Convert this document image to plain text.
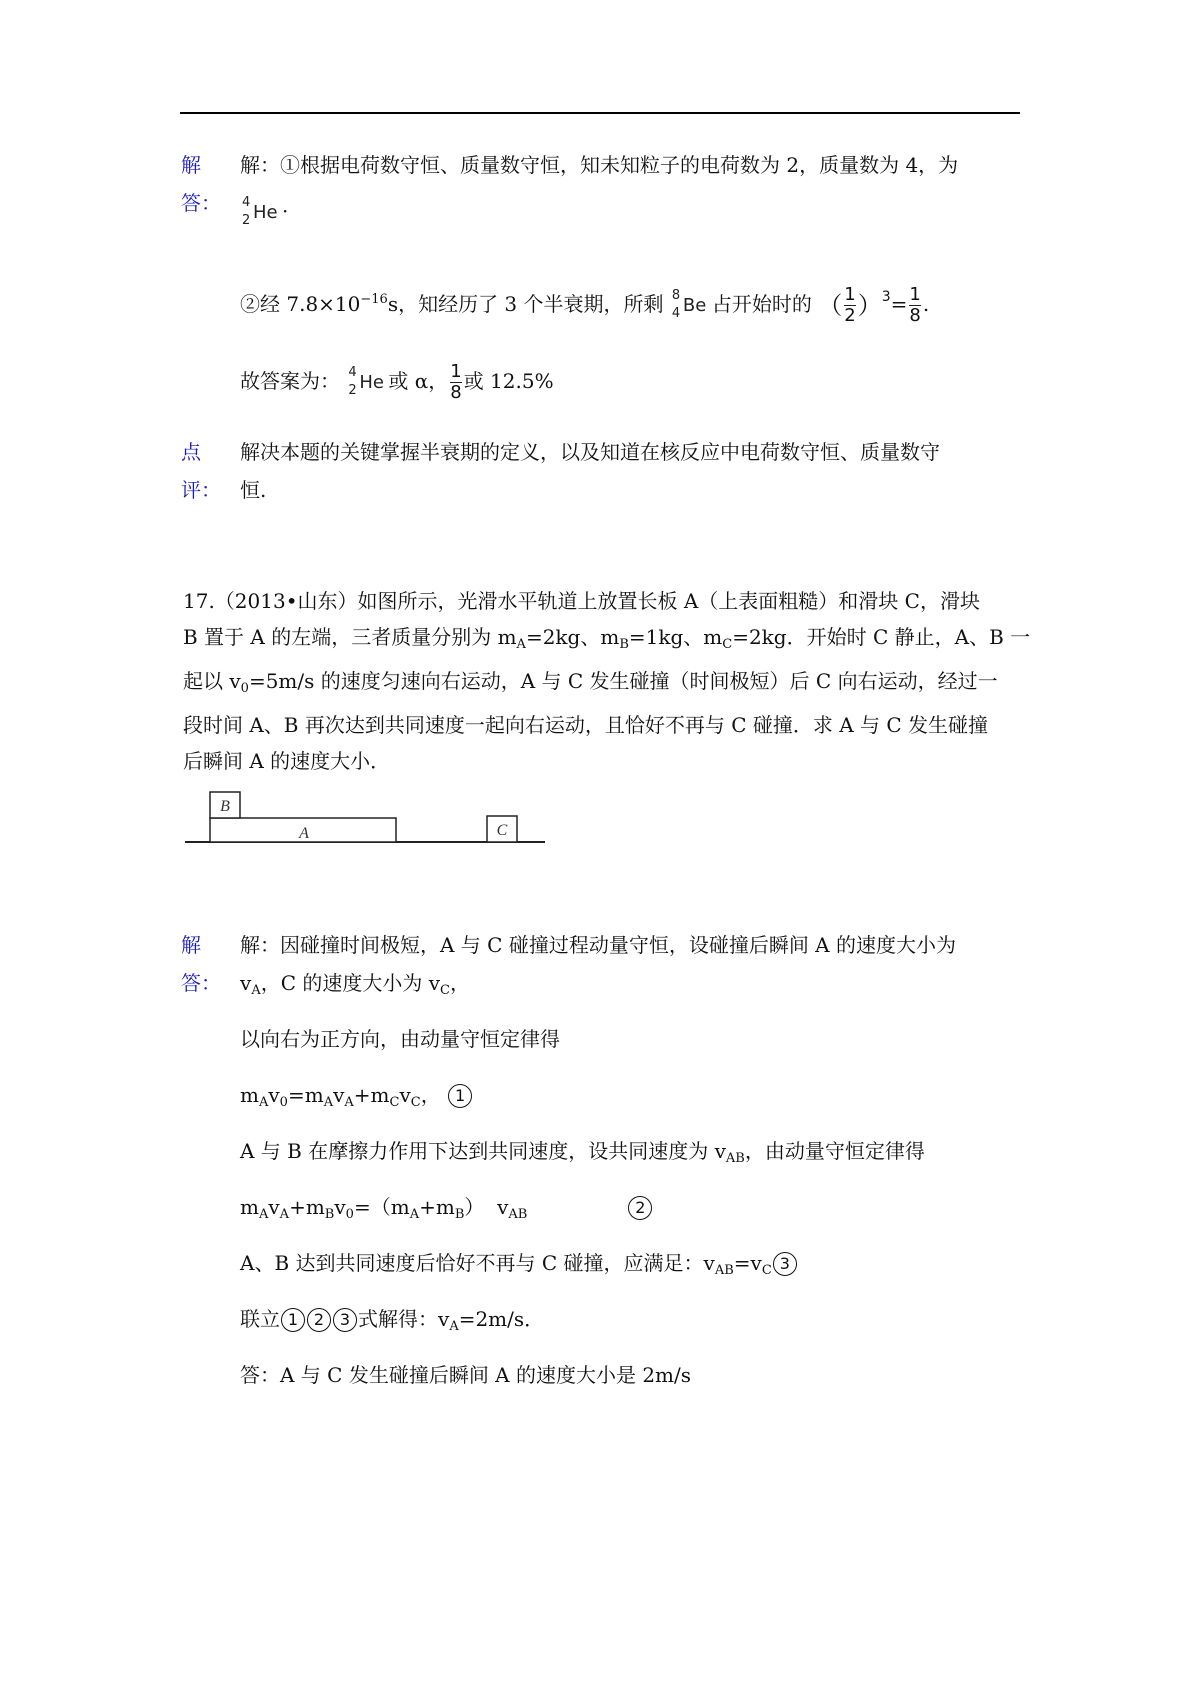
解
答：
解：①根据电荷数守恒、质量数守恒，知未知粒子的电荷数为 2，质量数为 4，为
4
2 He ·
②经 $7.8\times 10^{-16}s$，知经历了 3 个半衰期，所剩 8
4 Be 占开始时的 （ $\frac{1}{2} )^3= \frac{1}{8}$ .
故答案为： 4
2 He 或 α， $\frac{1}{8}$ 或 12.5%
点
评：
解决本题的关键掌握半衰期的定义，以及知道在核反应中电荷数守恒、质量数守
恒.
17.（2013•山东）如图所示，光滑水平轨道上放置长板 A（上表面粗糙）和滑块 C，滑块
B 置于 A 的左端，三者质量分别为 $m_A=2kg$、$m_B=1kg$、$m_C=2kg$．开始时 C 静止，A、B 一
起以 $v_0=5m/s$ 的速度匀速向右运动，A 与 C 发生碰撞（时间极短）后 C 向右运动，经过一
段时间 A、B 再次达到共同速度一起向右运动，且恰好不再与 C 碰撞．求 A 与 C 发生碰撞
后瞬间 A 的速度大小．
A
B
C
解
答：
解：因碰撞时间极短，A 与 C 碰撞过程动量守恒，设碰撞后瞬间 A 的速度大小为
$v_A$，C 的速度大小为 $v_C$，
以向右为正方向，由动量守恒定律得
$m_Av_0=m_Av_A+m_Cv_C$， 1
A 与 B 在摩擦力作用下达到共同速度，设共同速度为 $v_{AB}$，由动量守恒定律得
$m_Av_A+m_Bv_0=(m_A+m_B)$ $v_{AB}$	2
A、B 达到共同速度后恰好不再与 C 碰撞，应满足：$v_{AB}=v_C$ 3
联立 1 2 3 式解得：$v_A=2m/s$．
答：A 与 C 发生碰撞后瞬间 A 的速度大小是 2m/s
